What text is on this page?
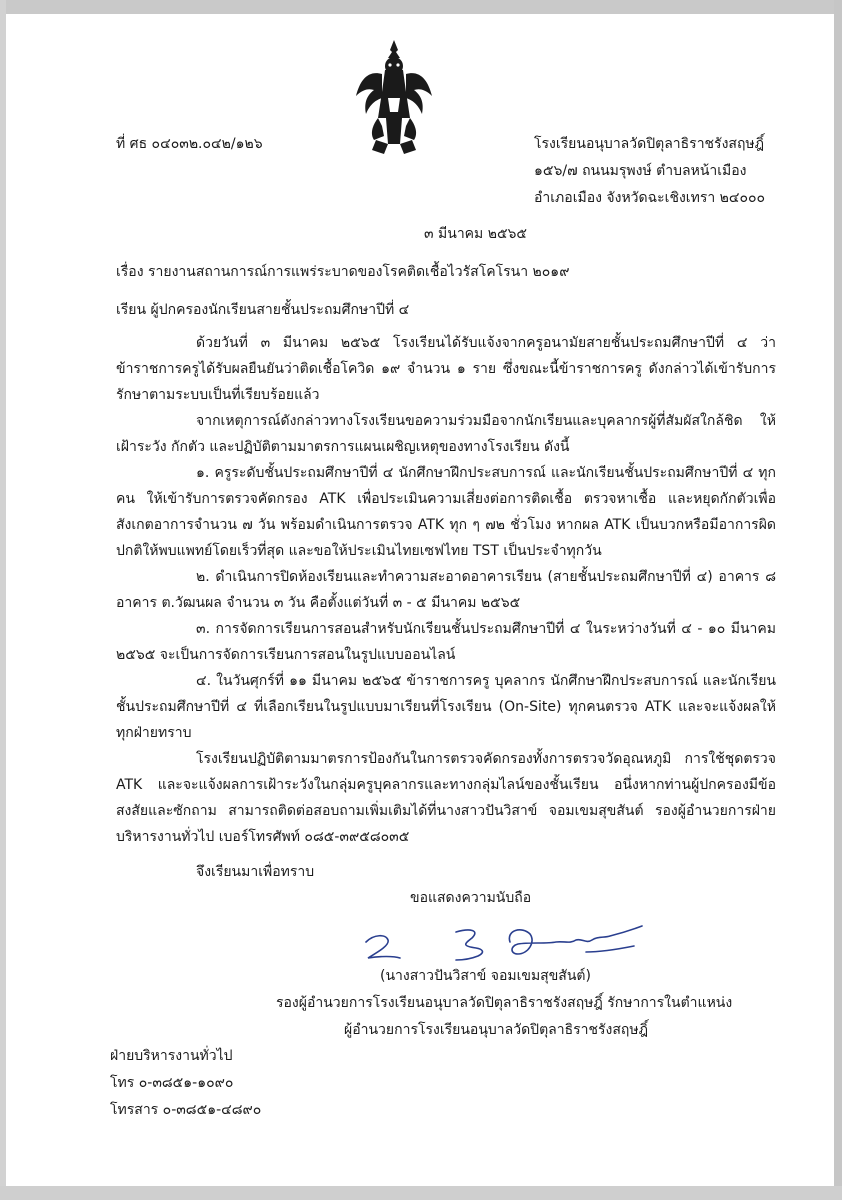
ที่ ศธ ๐๔๐๓๒.๐๔๒/๑๒๖	โรงเรียนอนุบาลวัดปิตุลาธิราชรังสฤษฎิ์
๑๕๖/๗ ถนนมรุพงษ์ ตำบลหน้าเมือง
อำเภอเมือง จังหวัดฉะเชิงเทรา ๒๔๐๐๐
๓ มีนาคม ๒๕๖๕
เรื่อง รายงานสถานการณ์การแพร่ระบาดของโรคติดเชื้อไวรัสโคโรนา ๒๐๑๙
เรียน ผู้ปกครองนักเรียนสายชั้นประถมศึกษาปีที่ ๔

ด้วยวันที่ ๓ มีนาคม ๒๕๖๕ โรงเรียนได้รับแจ้งจากครูอนามัยสายชั้นประถมศึกษาปีที่ ๔ ว่าข้าราชการครูได้รับผลยืนยันว่าติดเชื้อโควิด ๑๙ จำนวน ๑ ราย ซึ่งขณะนี้ข้าราชการครู ดังกล่าวได้เข้ารับการรักษาตามระบบเป็นที่เรียบร้อยแล้ว

จากเหตุการณ์ดังกล่าวทางโรงเรียนขอความร่วมมือจากนักเรียนและบุคลากรผู้ที่สัมผัสใกล้ชิด ให้เฝ้าระวัง กักตัว และปฏิบัติตามมาตรการแผนเผชิญเหตุของทางโรงเรียน ดังนี้

๑. ครูระดับชั้นประถมศึกษาปีที่ ๔ นักศึกษาฝึกประสบการณ์ และนักเรียนชั้นประถมศึกษาปีที่ ๔ ทุกคน ให้เข้ารับการตรวจคัดกรอง ATK เพื่อประเมินความเสี่ยงต่อการติดเชื้อ ตรวจหาเชื้อ และหยุดกักตัวเพื่อสังเกตอาการจำนวน ๗ วัน พร้อมดำเนินการตรวจ ATK ทุก ๆ ๗๒ ชั่วโมง หากผล ATK เป็นบวกหรือมีอาการผิดปกติให้พบแพทย์โดยเร็วที่สุด และขอให้ประเมินไทยเซฟไทย TST เป็นประจำทุกวัน

๒. ดำเนินการปิดห้องเรียนและทำความสะอาดอาคารเรียน (สายชั้นประถมศึกษาปีที่ ๔) อาคาร ๘ อาคาร ต.วัฒนผล จำนวน ๓ วัน คือตั้งแต่วันที่ ๓ - ๕ มีนาคม ๒๕๖๕

๓. การจัดการเรียนการสอนสำหรับนักเรียนชั้นประถมศึกษาปีที่ ๔ ในระหว่างวันที่ ๔ - ๑๐ มีนาคม ๒๕๖๕ จะเป็นการจัดการเรียนการสอนในรูปแบบออนไลน์

๔. ในวันศุกร์ที่ ๑๑ มีนาคม ๒๕๖๕ ข้าราชการครู บุคลากร นักศึกษาฝึกประสบการณ์ และนักเรียนชั้นประถมศึกษาปีที่ ๔ ที่เลือกเรียนในรูปแบบมาเรียนที่โรงเรียน (On-Site) ทุกคนตรวจ ATK และจะแจ้งผลให้ทุกฝ่ายทราบ

โรงเรียนปฏิบัติตามมาตรการป้องกันในการตรวจคัดกรองทั้งการตรวจวัดอุณหภูมิ การใช้ชุดตรวจ ATK และจะแจ้งผลการเฝ้าระวังในกลุ่มครูบุคลากรและทางกลุ่มไลน์ของชั้นเรียน อนึ่งหากท่านผู้ปกครองมีข้อสงสัยและซักถาม สามารถติดต่อสอบถามเพิ่มเติมได้ที่นางสาวปันวิสาข์ จอมเขมสุขสันต์ รองผู้อำนวยการฝ่ายบริหารงานทั่วไป เบอร์โทรศัพท์ ๐๘๕-๓๙๕๘๐๓๕

จึงเรียนมาเพื่อทราบ
ขอแสดงความนับถือ
(นางสาวปันวิสาข์ จอมเขมสุขสันต์)
รองผู้อำนวยการโรงเรียนอนุบาลวัดปิตุลาธิราชรังสฤษฎิ์ รักษาการในตำแหน่ง
ผู้อำนวยการโรงเรียนอนุบาลวัดปิตุลาธิราชรังสฤษฎิ์
ฝ่ายบริหารงานทั่วไป
โทร ๐-๓๘๕๑-๑๐๙๐
โทรสาร ๐-๓๘๕๑-๔๘๙๐
